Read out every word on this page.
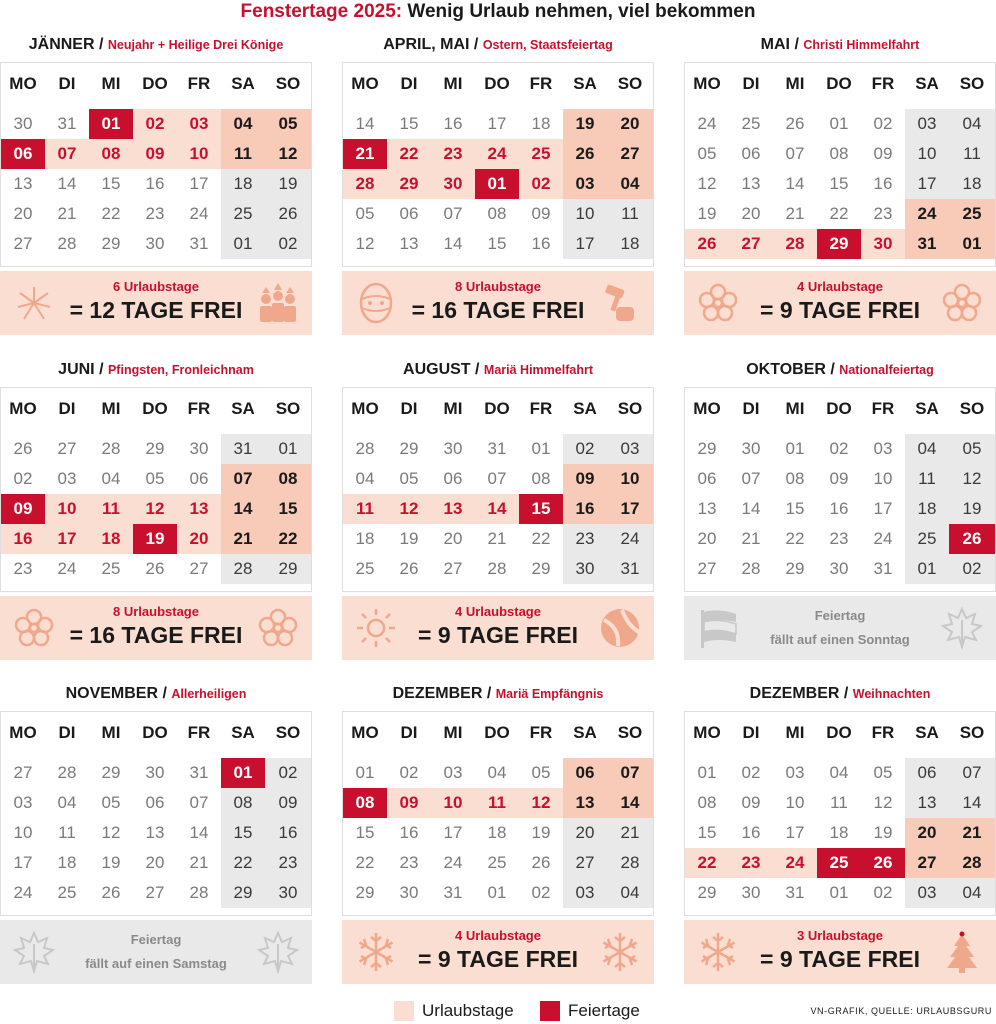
Fenstertage 2025: Wenig Urlaub nehmen, viel bekommen
JÄNNER / Neujahr + Heilige Drei Könige
MO	DI	MI	DO	FR	SA	SO
30	31	01	02	03	04	05
06	07	08	09	10	11	12
13	14	15	16	17	18	19
20	21	22	23	24	25	26
27	28	29	30	31	01	02
6 Urlaubstage
= 12 TAGE FREI
APRIL, MAI / Ostern, Staatsfeiertag
MO	DI	MI	DO	FR	SA	SO
14	15	16	17	18	19	20
21	22	23	24	25	26	27
28	29	30	01	02	03	04
05	06	07	08	09	10	11
12	13	14	15	16	17	18
8 Urlaubstage
= 16 TAGE FREI
MAI / Christi Himmelfahrt
MO	DI	MI	DO	FR	SA	SO
24	25	26	01	02	03	04
05	06	07	08	09	10	11
12	13	14	15	16	17	18
19	20	21	22	23	24	25
26	27	28	29	30	31	01
4 Urlaubstage
= 9 TAGE FREI
JUNI / Pfingsten, Fronleichnam
MO	DI	MI	DO	FR	SA	SO
26	27	28	29	30	31	01
02	03	04	05	06	07	08
09	10	11	12	13	14	15
16	17	18	19	20	21	22
23	24	25	26	27	28	29
8 Urlaubstage
= 16 TAGE FREI
AUGUST / Mariä Himmelfahrt
MO	DI	MI	DO	FR	SA	SO
28	29	30	31	01	02	03
04	05	06	07	08	09	10
11	12	13	14	15	16	17
18	19	20	21	22	23	24
25	26	27	28	29	30	31
4 Urlaubstage
= 9 TAGE FREI
OKTOBER / Nationalfeiertag
MO	DI	MI	DO	FR	SA	SO
29	30	01	02	03	04	05
06	07	08	09	10	11	12
13	14	15	16	17	18	19
20	21	22	23	24	25	26
27	28	29	30	31	01	02
Feiertag
fällt auf einen Sonntag
NOVEMBER / Allerheiligen
MO	DI	MI	DO	FR	SA	SO
27	28	29	30	31	01	02
03	04	05	06	07	08	09
10	11	12	13	14	15	16
17	18	19	20	21	22	23
24	25	26	27	28	29	30
Feiertag
fällt auf einen Samstag
DEZEMBER / Mariä Empfängnis
MO	DI	MI	DO	FR	SA	SO
01	02	03	04	05	06	07
08	09	10	11	12	13	14
15	16	17	18	19	20	21
22	23	24	25	26	27	28
29	30	31	01	02	03	04
4 Urlaubstage
= 9 TAGE FREI
DEZEMBER / Weihnachten
MO	DI	MI	DO	FR	SA	SO
01	02	03	04	05	06	07
08	09	10	11	12	13	14
15	16	17	18	19	20	21
22	23	24	25	26	27	28
29	30	31	01	02	03	04
3 Urlaubstage
= 9 TAGE FREI
Urlaubstage	Feiertage	VN-GRAFIK, QUELLE: URLAUBSGURU
